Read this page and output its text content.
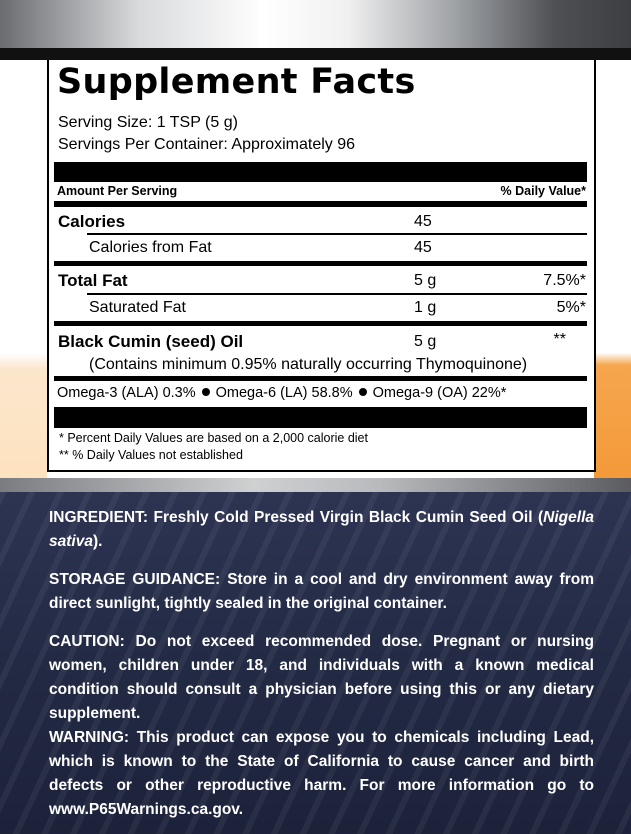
Supplement Facts
Serving Size: 1 TSP (5 g)
Servings Per Container: Approximately 96
Amount Per Serving	% Daily Value*
Calories	45
Calories from Fat	45
Total Fat	5 g	7.5%*
Saturated Fat	1 g	5%*
Black Cumin (seed) Oil	5 g	**
(Contains minimum 0.95% naturally occurring Thymoquinone)
Omega-3 (ALA) 0.3% Omega-6 (LA) 58.8% Omega-9 (OA) 22%*
* Percent Daily Values are based on a 2,000 calorie diet
** % Daily Values not established
INGREDIENT: Freshly Cold Pressed Virgin Black Cumin Seed Oil (Nigella sativa).
STORAGE GUIDANCE: Store in a cool and dry environment away from direct sunlight, tightly sealed in the original container.
CAUTION: Do not exceed recommended dose. Pregnant or nursing women, children under 18, and individuals with a known medical condition should consult a physician before using this or any dietary supplement.
WARNING: This product can expose you to chemicals including Lead, which is known to the State of California to cause cancer and birth defects or other reproductive harm. For more information go to www.P65Warnings.ca.gov.
